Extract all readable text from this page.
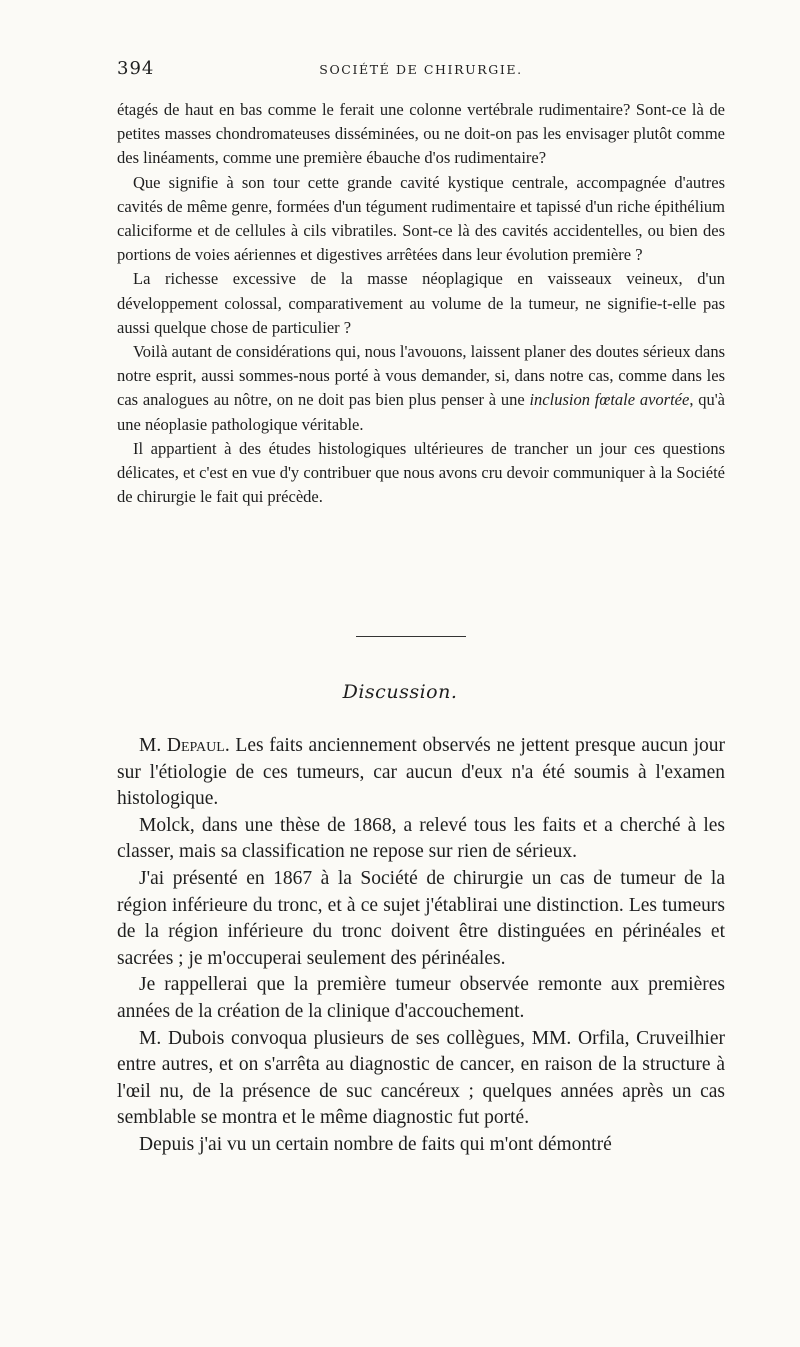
394	SOCIÉTÉ DE CHIRURGIE.

étagés de haut en bas comme le ferait une colonne vertébrale rudimentaire? Sont-ce là de petites masses chondromateuses disséminées, ou ne doit-on pas les envisager plutôt comme des linéaments, comme une première ébauche d'os rudimentaire?

Que signifie à son tour cette grande cavité kystique centrale, accompagnée d'autres cavités de même genre, formées d'un tégument rudimentaire et tapissé d'un riche épithélium caliciforme et de cellules à cils vibratiles. Sont-ce là des cavités accidentelles, ou bien des portions de voies aériennes et digestives arrêtées dans leur évolution première ?

La richesse excessive de la masse néoplagique en vaisseaux veineux, d'un développement colossal, comparativement au volume de la tumeur, ne signifie-t-elle pas aussi quelque chose de particulier ?

Voilà autant de considérations qui, nous l'avouons, laissent planer des doutes sérieux dans notre esprit, aussi sommes-nous porté à vous demander, si, dans notre cas, comme dans les cas analogues au nôtre, on ne doit pas bien plus penser à une inclusion fœtale avortée, qu'à une néoplasie pathologique véritable.

Il appartient à des études histologiques ultérieures de trancher un jour ces questions délicates, et c'est en vue d'y contribuer que nous avons cru devoir communiquer à la Société de chirurgie le fait qui précède.

Discussion.

M. Depaul. Les faits anciennement observés ne jettent presque aucun jour sur l'étiologie de ces tumeurs, car aucun d'eux n'a été soumis à l'examen histologique.

Molck, dans une thèse de 1868, a relevé tous les faits et a cherché à les classer, mais sa classification ne repose sur rien de sérieux.

J'ai présenté en 1867 à la Société de chirurgie un cas de tumeur de la région inférieure du tronc, et à ce sujet j'établirai une distinction. Les tumeurs de la région inférieure du tronc doivent être distinguées en périnéales et sacrées ; je m'occuperai seulement des périnéales.

Je rappellerai que la première tumeur observée remonte aux premières années de la création de la clinique d'accouchement.

M. Dubois convoqua plusieurs de ses collègues, MM. Orfila, Cruveilhier entre autres, et on s'arrêta au diagnostic de cancer, en raison de la structure à l'œil nu, de la présence de suc cancéreux ; quelques années après un cas semblable se montra et le même diagnostic fut porté.

Depuis j'ai vu un certain nombre de faits qui m'ont démontré
